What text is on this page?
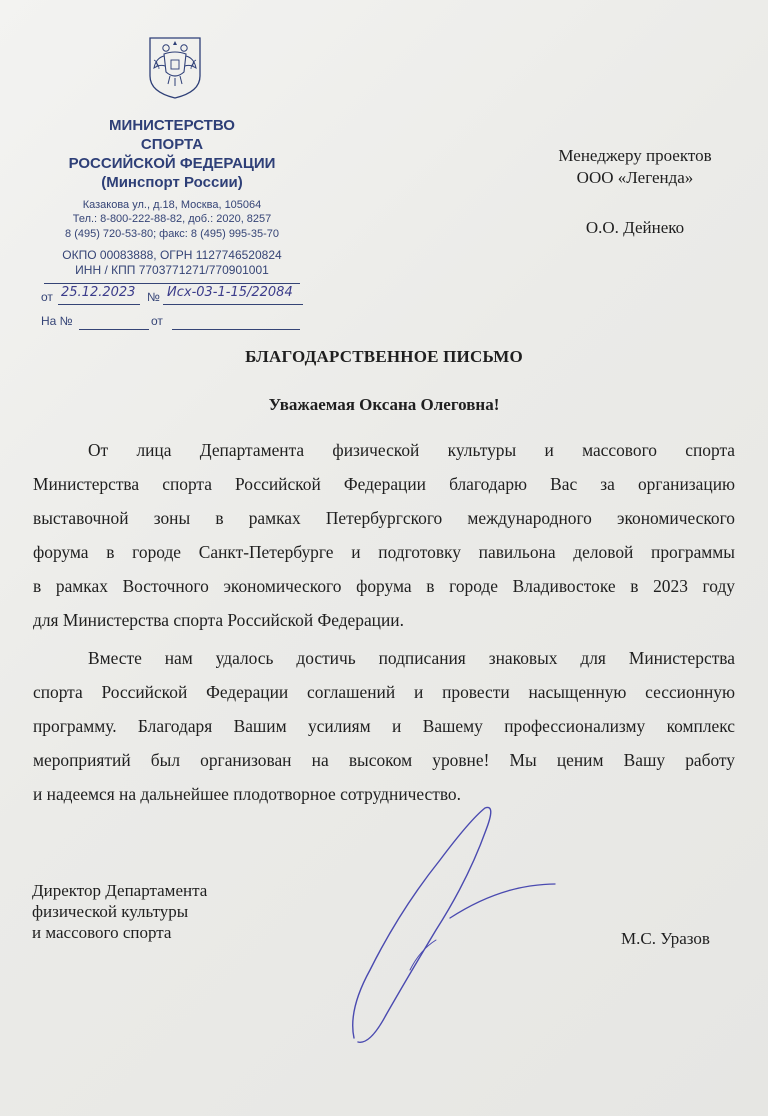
МИНИСТЕРСТВО
СПОРТА
РОССИЙСКОЙ ФЕДЕРАЦИИ
(Минспорт России)
Казакова ул., д.18, Москва, 105064
Тел.: 8-800-222-88-82, доб.: 2020, 8257
8 (495) 720-53-80; факс: 8 (495) 995-35-70
ОКПО 00083888, ОГРН 1127746520824
ИНН / КПП 7703771271/770901001
от 25.12.2023 № Исх-03-1-15/22084
На №	от
Менеджеру проектов
ООО «Легенда»
О.О. Дейнеко
БЛАГОДАРСТВЕННОЕ ПИСЬМО
Уважаемая Оксана Олеговна!
От лица Департамента физической культуры и массового спорта
Министерства спорта Российской Федерации благодарю Вас за организацию
выставочной зоны в рамках Петербургского международного экономического
форума в городе Санкт-Петербурге и подготовку павильона деловой программы
в рамках Восточного экономического форума в городе Владивостоке в 2023 году
для Министерства спорта Российской Федерации.
Вместе нам удалось достичь подписания знаковых для Министерства
спорта Российской Федерации соглашений и провести насыщенную сессионную
программу. Благодаря Вашим усилиям и Вашему профессионализму комплекс
мероприятий был организован на высоком уровне! Мы ценим Вашу работу
и надеемся на дальнейшее плодотворное сотрудничество.
Директор Департамента
физической культуры
и массового спорта	М.С. Уразов
